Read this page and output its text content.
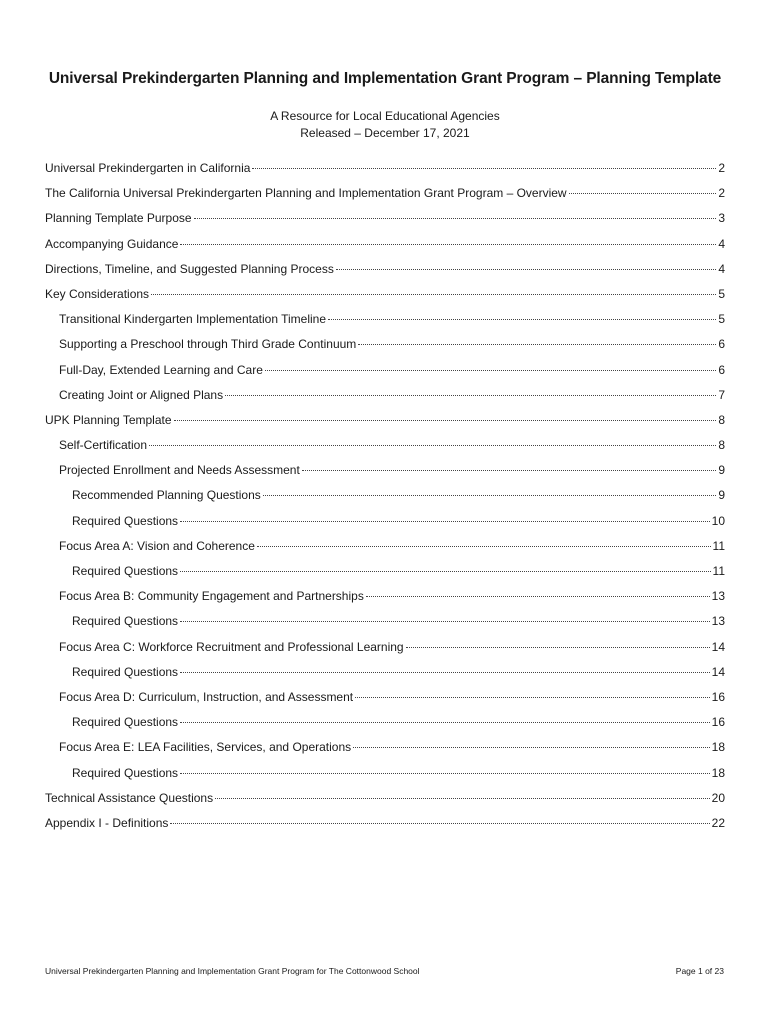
Universal Prekindergarten Planning and Implementation Grant Program – Planning Template
A Resource for Local Educational Agencies
Released – December 17, 2021
Universal Prekindergarten in California	2
The California Universal Prekindergarten Planning and Implementation Grant Program – Overview	2
Planning Template Purpose	3
Accompanying Guidance	4
Directions, Timeline, and Suggested Planning Process	4
Key Considerations	5
Transitional Kindergarten Implementation Timeline	5
Supporting a Preschool through Third Grade Continuum	6
Full-Day, Extended Learning and Care	6
Creating Joint or Aligned Plans	7
UPK Planning Template	8
Self-Certification	8
Projected Enrollment and Needs Assessment	9
Recommended Planning Questions	9
Required Questions	10
Focus Area A: Vision and Coherence	11
Required Questions	11
Focus Area B: Community Engagement and Partnerships	13
Required Questions	13
Focus Area C: Workforce Recruitment and Professional Learning	14
Required Questions	14
Focus Area D: Curriculum, Instruction, and Assessment	16
Required Questions	16
Focus Area E: LEA Facilities, Services, and Operations	18
Required Questions	18
Technical Assistance Questions	20
Appendix I - Definitions	22
Universal Prekindergarten Planning and Implementation Grant Program for The Cottonwood School	Page 1 of 23
